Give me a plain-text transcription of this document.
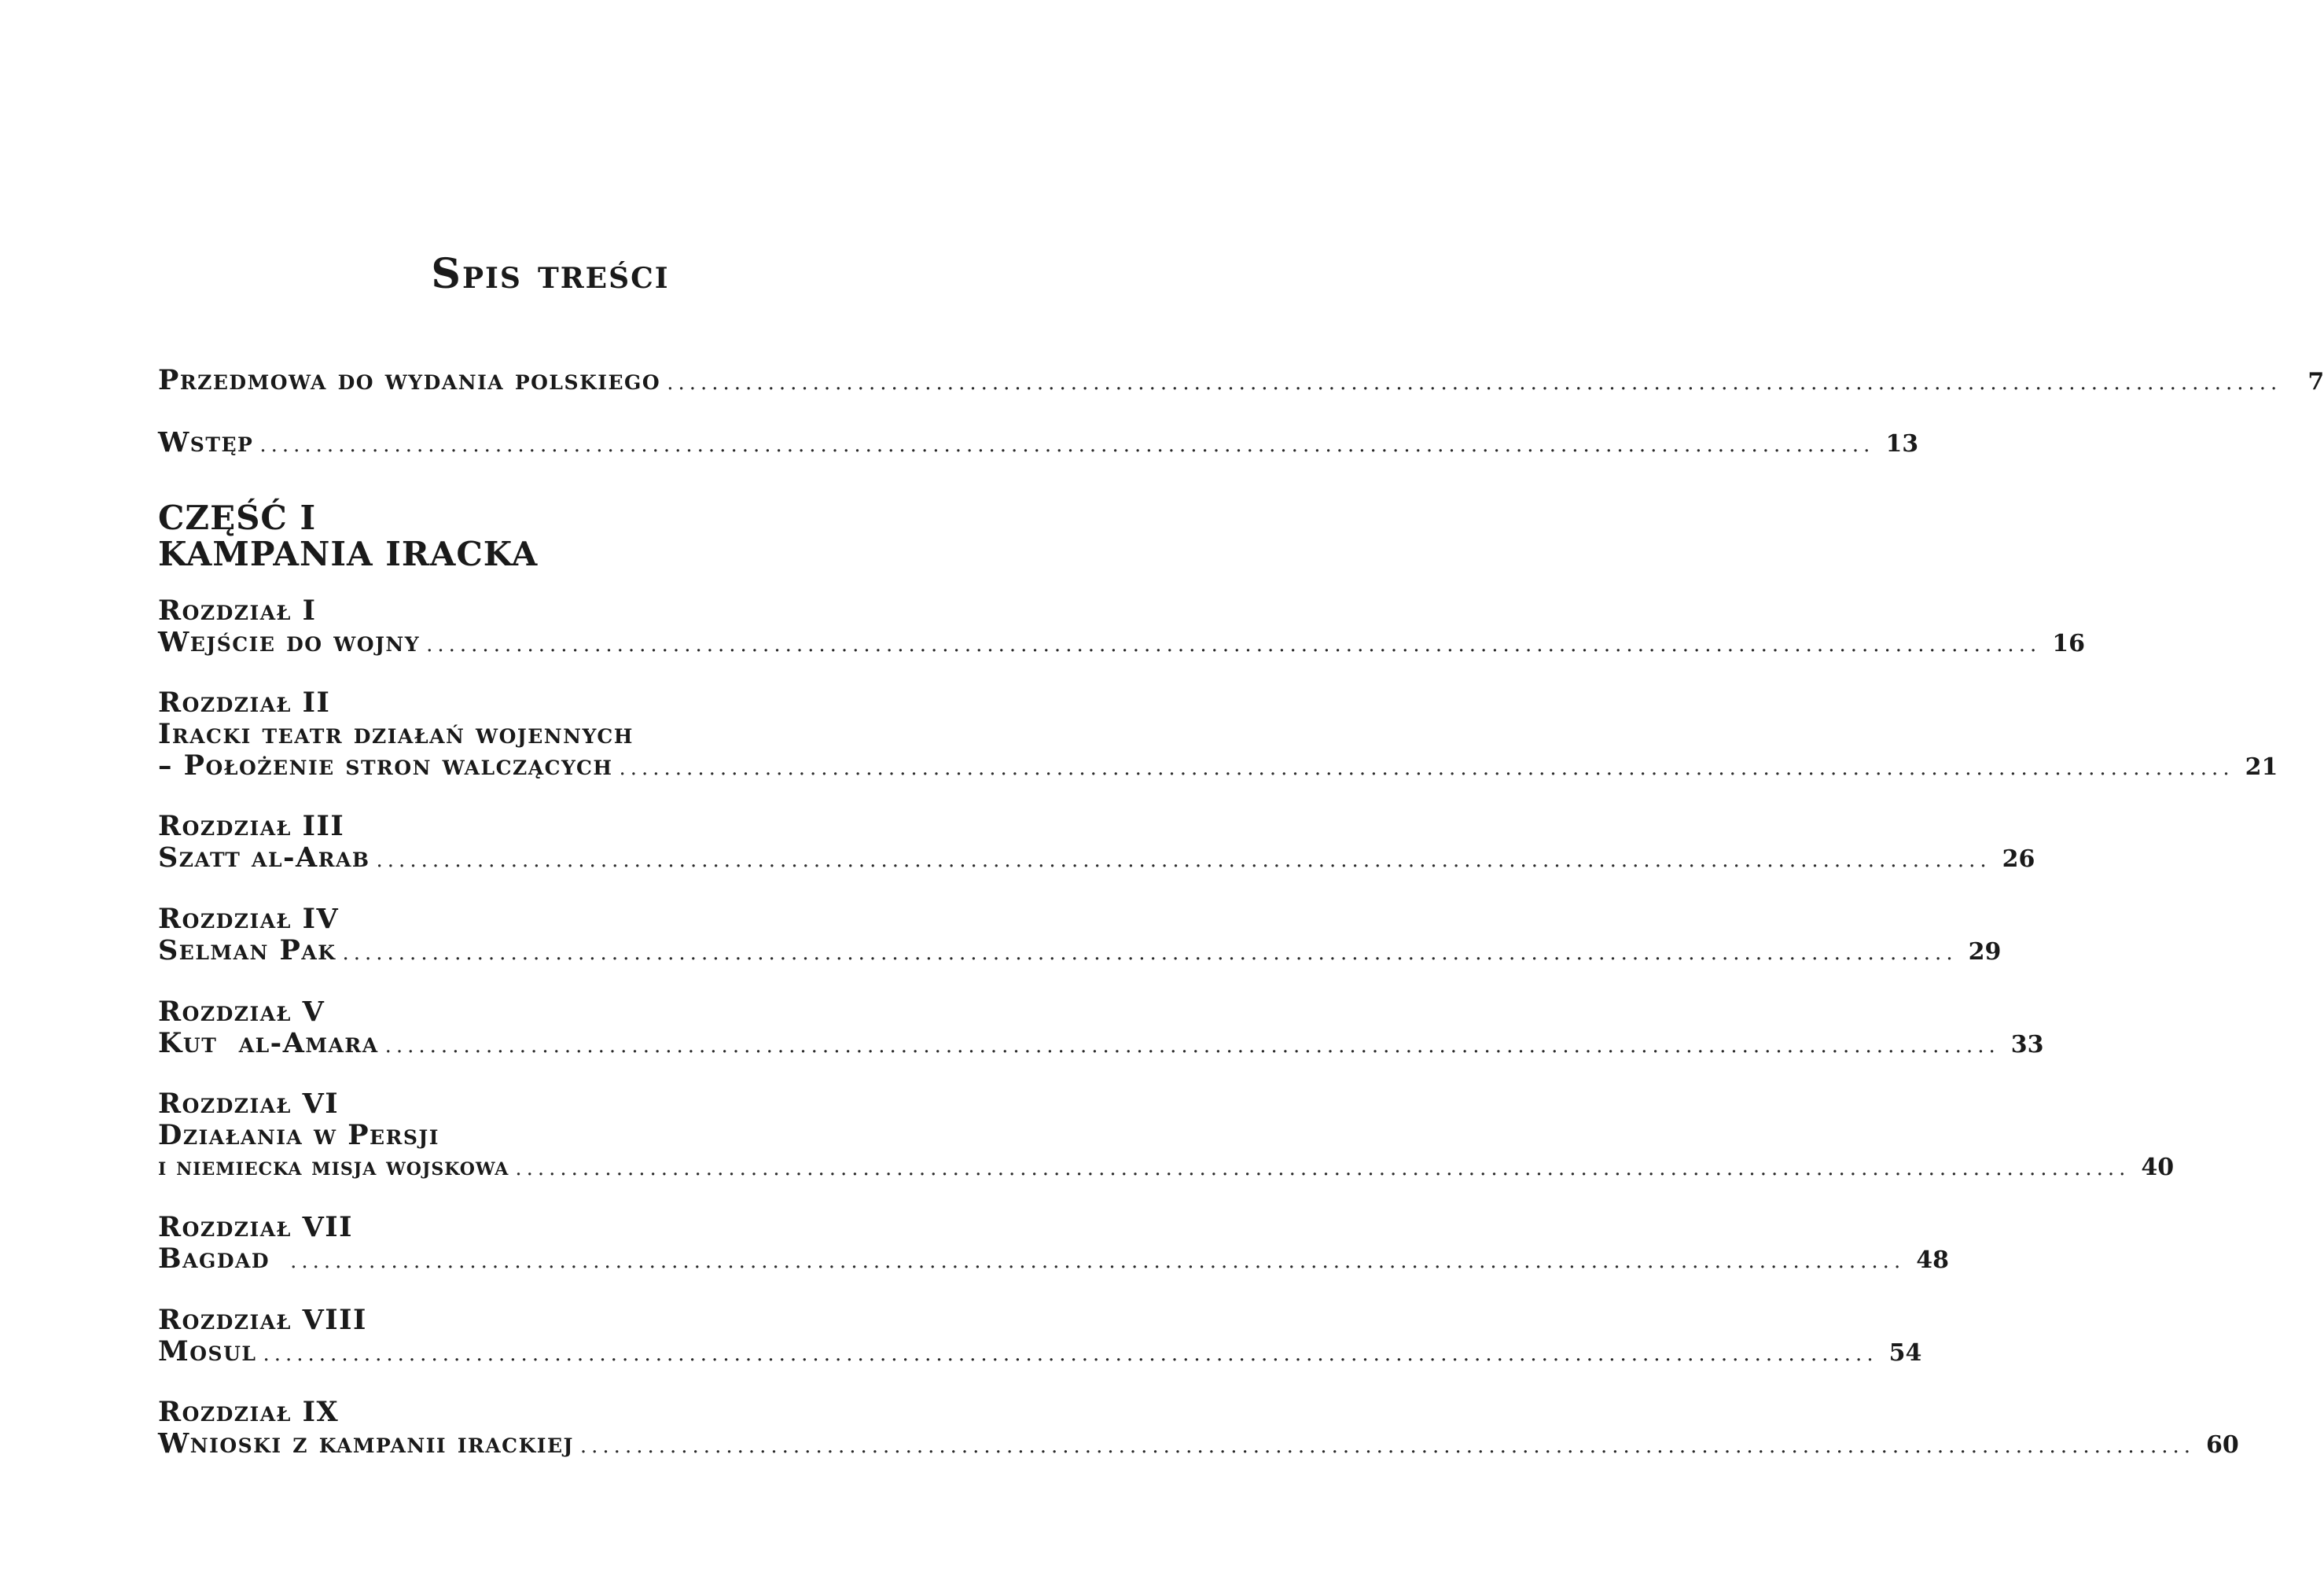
Spis treści
Przedmowa do wydania polskiego ................................................................................................................................................	7
Wstęp ................................................................................................................................................ 13
CZĘŚĆ I
KAMPANIA IRACKA
Rozdział I
Wejście do wojny ................................................................................................................................................ 16
Rozdział II
Iracki teatr działań wojennych
– Położenie stron walczących ................................................................................................................................................ 21
Rozdział III
Szatt al-Arab ................................................................................................................................................ 26
Rozdział IV
Selman Pak ................................................................................................................................................ 29
Rozdział V
Kut  al-Amara ................................................................................................................................................ 33
Rozdział VI
Działania w Persji
i niemiecka misja wojskowa ................................................................................................................................................ 40
Rozdział VII
Bagdad ................................................................................................................................................ 48
Rozdział VIII
Mosul ................................................................................................................................................ 54
Rozdział IX
Wnioski z kampanii irackiej ................................................................................................................................................ 60
